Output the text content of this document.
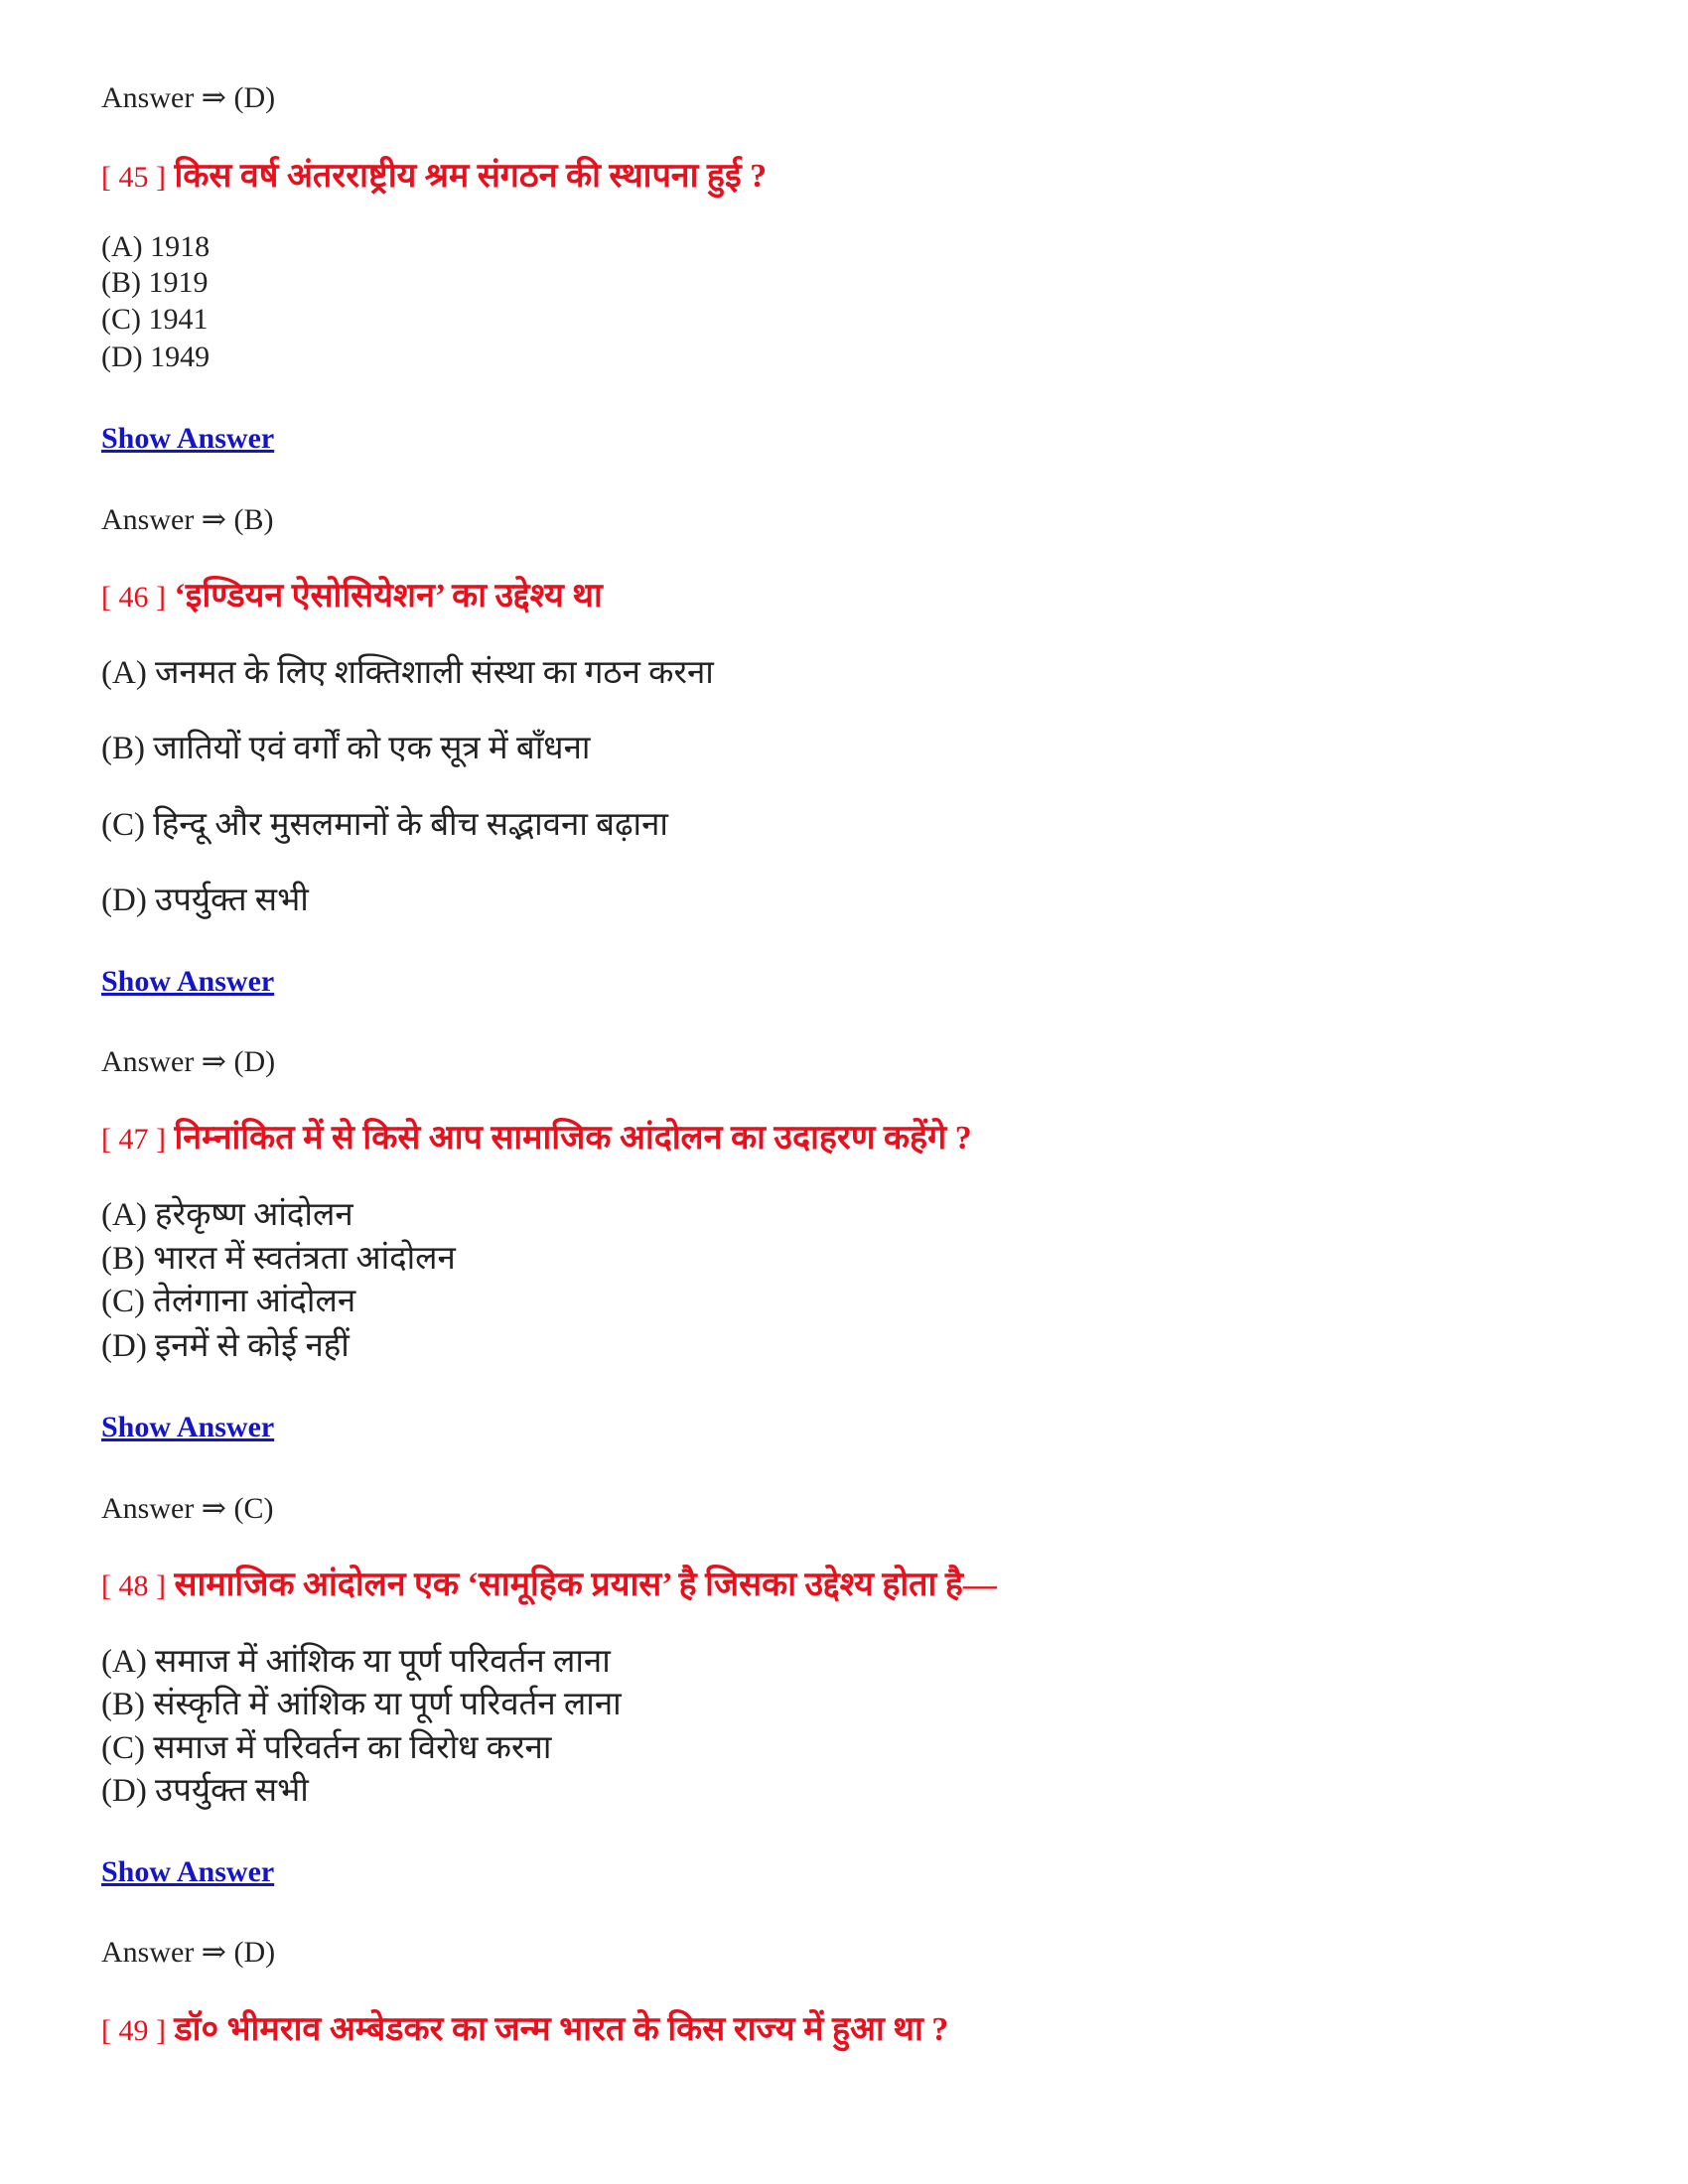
Answer ⇒ (D)
[ 45 ] किस वर्ष अंतरराष्ट्रीय श्रम संगठन की स्थापना हुई ?
(A) 1918
(B) 1919
(C) 1941
(D) 1949
Show Answer
Answer ⇒ (B)
[ 46 ] ‘इण्डियन ऐसोसियेशन’ का उद्देश्य था
(A) जनमत के लिए शक्तिशाली संस्था का गठन करना
(B) जातियों एवं वर्गों को एक सूत्र में बाँधना
(C) हिन्दू और मुसलमानों के बीच सद्भावना बढ़ाना
(D) उपर्युक्त सभी
Show Answer
Answer ⇒ (D)
[ 47 ] निम्नांकित में से किसे आप सामाजिक आंदोलन का उदाहरण कहेंगे ?
(A) हरेकृष्ण आंदोलन
(B) भारत में स्वतंत्रता आंदोलन
(C) तेलंगाना आंदोलन
(D) इनमें से कोई नहीं
Show Answer
Answer ⇒ (C)
[ 48 ] सामाजिक आंदोलन एक ‘सामूहिक प्रयास’ है जिसका उद्देश्य होता है—
(A) समाज में आंशिक या पूर्ण परिवर्तन लाना
(B) संस्कृति में आंशिक या पूर्ण परिवर्तन लाना
(C) समाज में परिवर्तन का विरोध करना
(D) उपर्युक्त सभी
Show Answer
Answer ⇒ (D)
[ 49 ] डॉ० भीमराव अम्बेडकर का जन्म भारत के किस राज्य में हुआ था ?
